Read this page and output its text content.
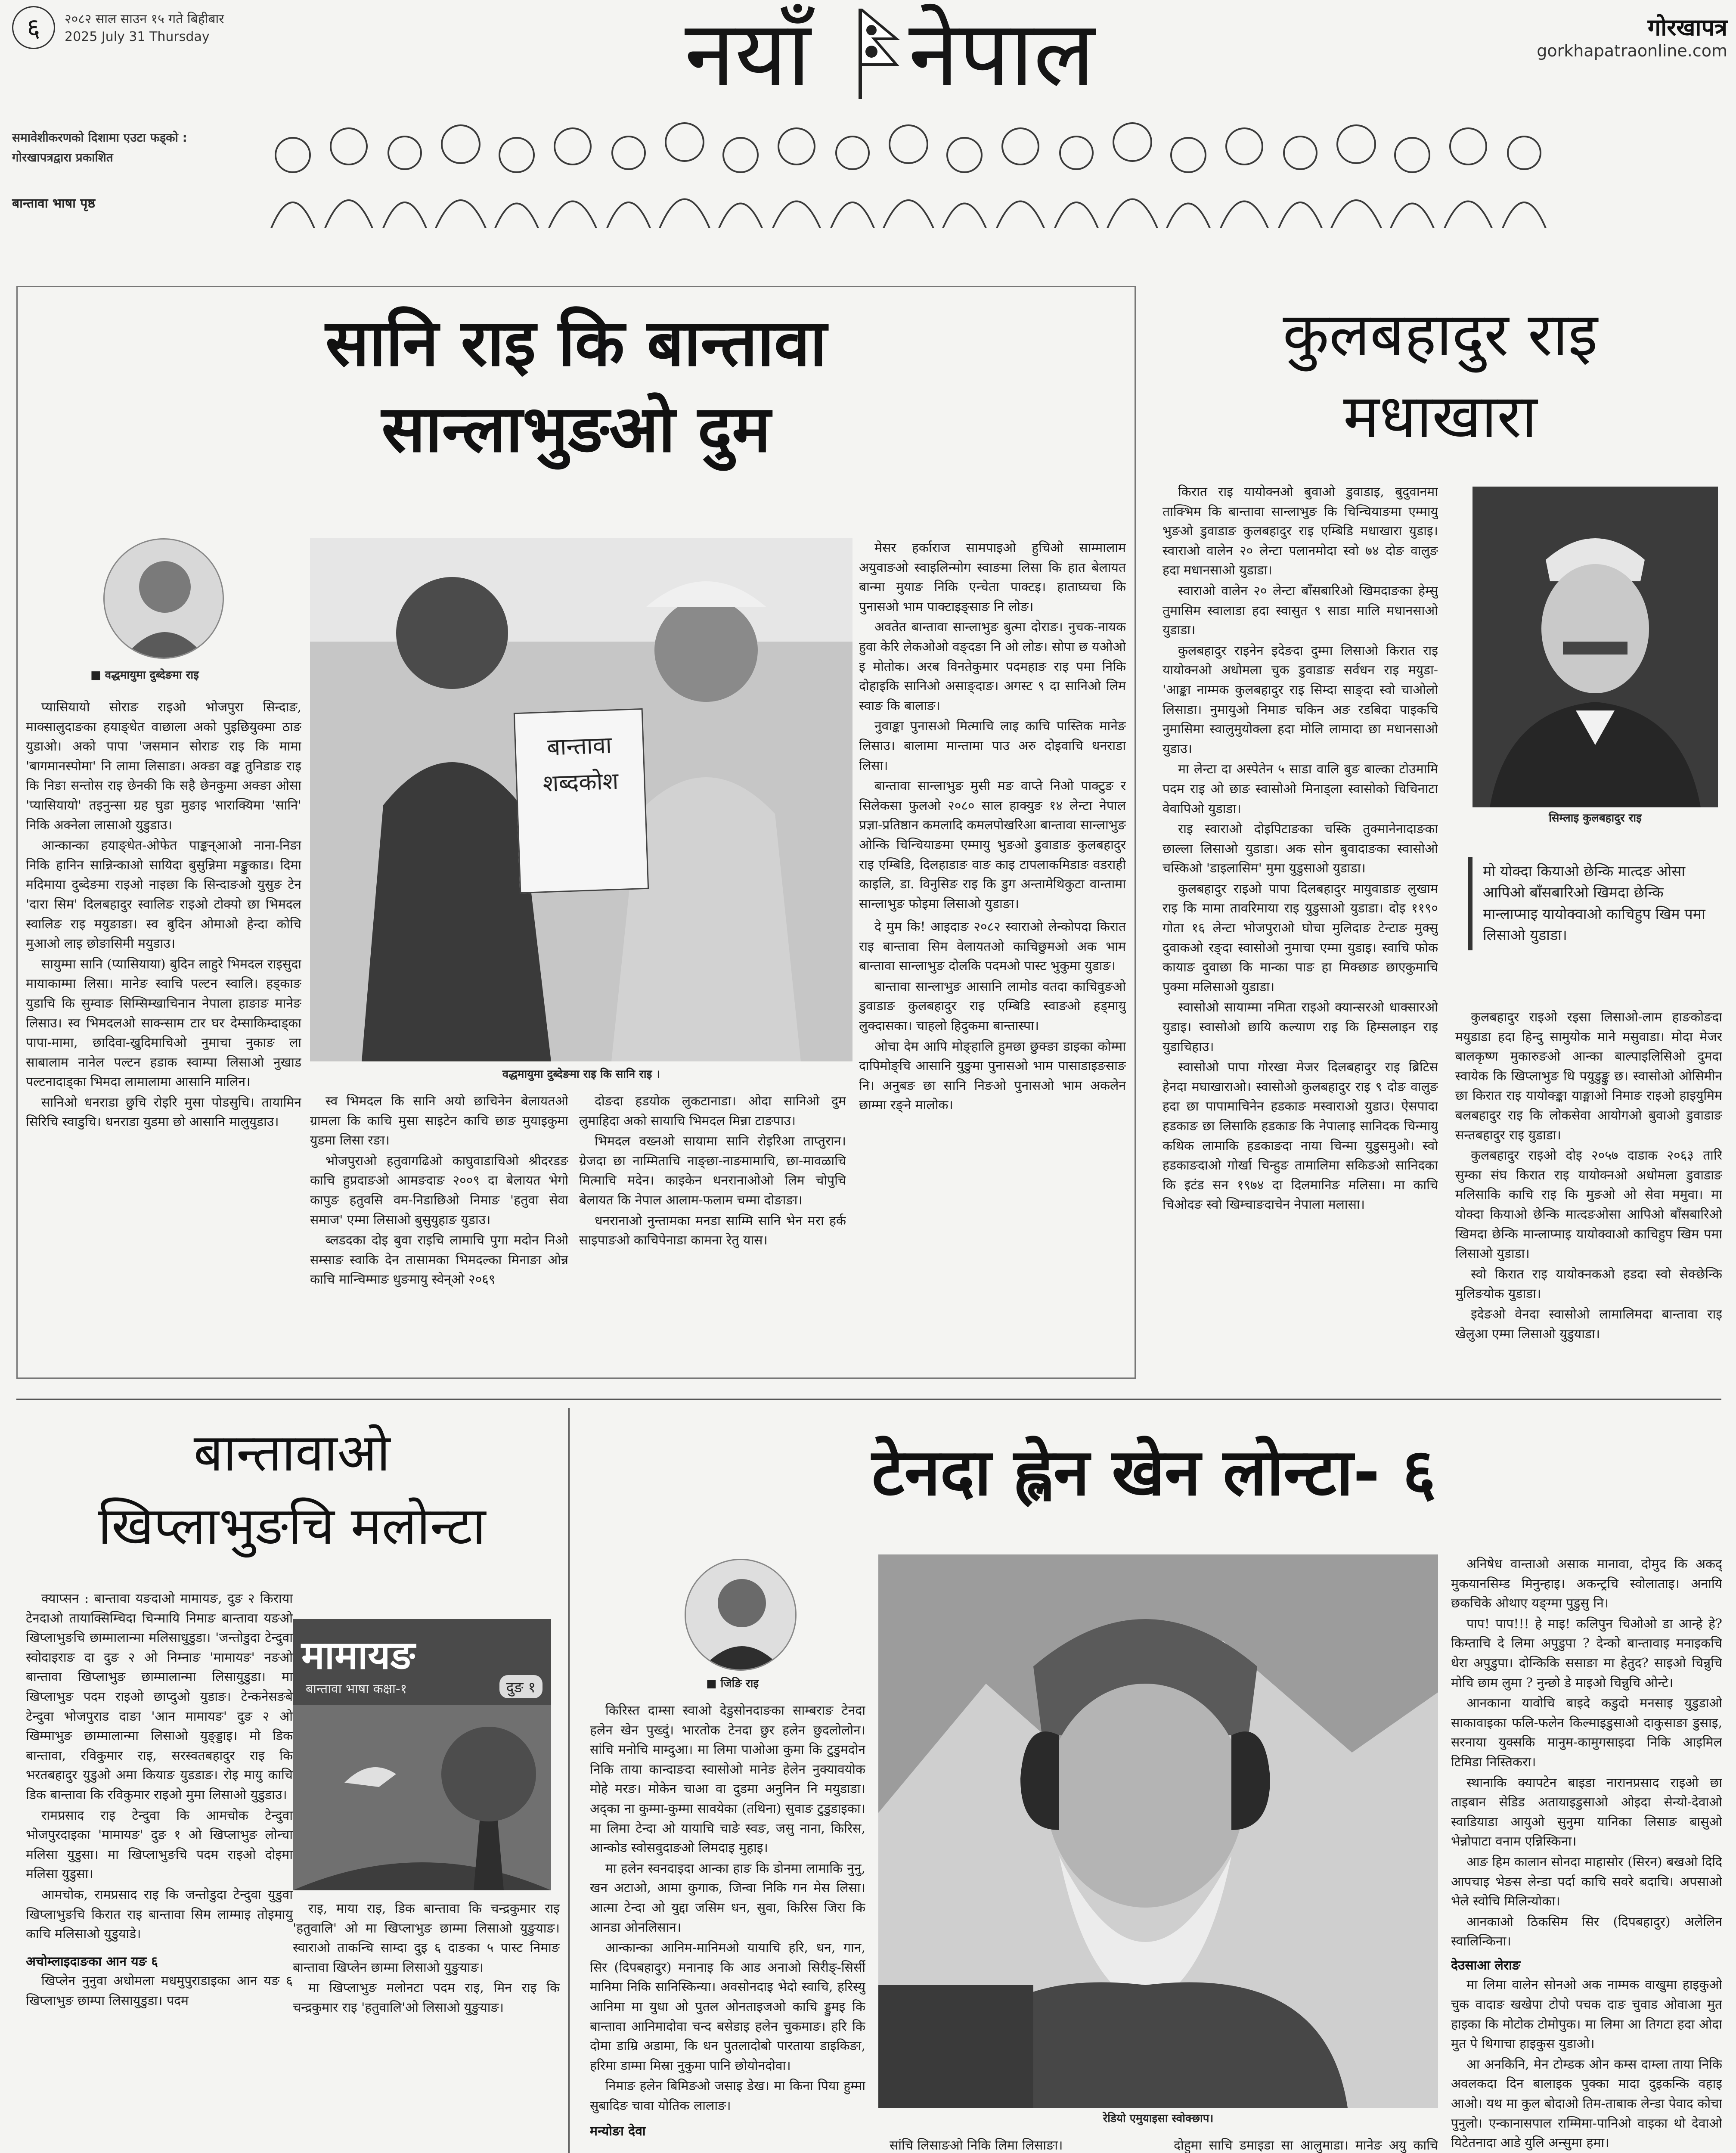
६	२०८२ साल साउन १५ गते बिहीबार
2025 July 31 Thursday	नयाँ नेपाल	गोरखापत्र
gorkhapatraonline.com
समावेशीकरणको दिशामा एउटा फड्को :
गोरखापत्रद्वारा प्रकाशित
बान्तावा भाषा पृष्ठ
सानि राइ कि बान्तावा
सान्लाभुङओ दुम
■ वद्धमायुमा दुब्देङमा राइ
बान्तावा
शब्दकोश
वद्धमायुमा दुब्देङमा राइ कि सानि राइ ।

प्यासियायो सोराङ राइओ भोजपुरा सिन्दाङ, माक्सालुदाङका हयाङ्धेत वाछाला अको पुइछियुक्मा ठाङ युडाओ। अको पापा 'जसमान सोराङ राइ कि मामा 'बागमानस्पोमा' नि लामा लिसाङा। अक्ङा वङ्क तुनिडाङ राइ कि निङा सन्तोस राइ छेनकी कि सहै छेनकुमा अक्ङा ओसा 'प्यासियायो' तइनुन्सा ग्रह घुडा मुङाइ भाराक्यिमा 'सानि' निकि अक्नेला लासाओ युडुडाउ।

आन्कान्का हयाङ्धेत-ओफेत पाङ्कन्आओ नाना-निङा निकि हानिन सान्निन्काओ सायिदा बुसुन्निमा मङ्कुकाड। दिमा मदिमाया दुब्देङमा राइओ नाइछा कि सिन्दाङओ युसुङ टेन 'दारा सिम' दिलबहादुर स्वालिङ राइओ टोक्पो छा भिमदल स्वालिङ राइ मयुङाङा। स्व बुदिन ओमाओ हेन्दा कोचि मुआओ लाइ छोङासिमी मयुडाउ।

सायुम्मा सानि (प्यासियाया) बुदिन लाहुरे भिमदल राइसुदा मायाकाम्मा लिसा। मानेङ स्वाचि पल्टन स्वालि। हड्काङ युडाचि कि सुम्वाङ सिम्सिम्खाचिनान नेपाला हाङाङ मानेङ लिसाउ। स्व भिमदलओ साक्न्साम टार घर देम्साकिम्दाड्का पापा-मामा, छादिवा-ख्रुदिमाचिओ नुमाचा नुकाङ ला साबालाम नानेल पल्टन हडाक स्वाम्पा लिसाओ नुखाड पल्टनादाड्का भिमदा लामालामा आसानि मालिन।

सानिओ धनराडा छुचि रोइरि मुसा पोडसुचि। तायामिन सिरिचि स्वाडुचि। धनराडा युडमा छो आसानि मालुयुडाउ।

स्व भिमदल कि सानि अयो छाचिनेन बेलायतओ ग्रामला कि काचि मुसा साइटेन काचि छाङ मुयाइकुमा युडमा लिसा रङा।

भोजपुराओ हतुवागढिओ काघुवाडाचिओ श्रीदरडङ काचि हुप्रदाङओ आमङदाङ २००९ दा बेलायत भेगो कापुङ हतुवसि वम-निडाछिओ निमाङ 'हतुवा सेवा समाज' एम्मा लिसाओ बुसुयुहाङ युडाउ।

ब्लडदका दोइ बुवा राइचि लामाचि पुगा मदोन निओ सम्साङ स्वाकि देन तासामका भिमदल्का मिनाङा ओन्न काचि मान्चिम्माङ धुङमायु स्वेन्ओ २०६९

दोङदा हडयोक लुकटानाडा। ओदा सानिओ दुम लुमाहिदा अको सायाचि भिमदल मिन्ना टाङपाउ।

भिमदल वख्नओ सायामा सानि रोइरिआ ताप्तुरान। ग्रेजदा छा नाम्मिताचि नाङ्छा-नाङमामाचि, छा-मावळाचि मित्माचि मदेन। काइकेन धनरानाओओ लिम चोपुचि बेलायत कि नेपाल आलाम-फलाम चम्मा दोङाङा।

धनरानाओ नुन्तामका मनडा साम्मि सानि भेन मरा हर्क साइपाङओ काचिपेनाडा कामना रेतु यास।

मेसर हर्काराज सामपाइओ हुचिओ साम्मालाम अयुवाङओ स्वाइलिन्मोग स्वाङमा लिसा कि हात बेलायत बान्मा मुयाङ निकि एन्चेता पाक्टइ। हाताघ्यचा कि पुनासओ भाम पाक्टाइङ्साङ नि लोङ।

अवतेत बान्तावा सान्लाभुङ बुत्मा दोराङ। नुचक-नायक हुवा केरि लेकओओ वङ्दङा नि ओ लोङ। सोपा छ यओओ इ मोतोक। अरब विनतेकुमार पदमहाङ राइ पमा निकि दोहाइकि सानिओ असाङ्दाङ। अगस्ट ९ दा सानिओ लिम स्वाङ कि बालाङ।

नुवाङ्का पुनासओ मित्माचि लाइ काचि पास्तिक मानेङ लिसाउ। बालामा मान्तामा पाउ अरु दोइवाचि धनराडा लिसा।

बान्तावा सान्लाभुङ मुसी मङ वाप्ते निओ पाक्टुङ र सिलेकसा फुलओ २०८० साल हाक्युङ १४ लेन्टा नेपाल प्रज्ञा-प्रतिष्ठान कमलादि कमलपोखरिआ बान्तावा सान्लाभुङ ओन्कि चिन्चियाङमा एम्मायु भुङओ डुवाडाङ कुलबहादुर राइ एम्बिडि, दिलहाडाङ वाङ काइ टापलाकमिडाङ वडराही काइलि, डा. विनुसिङ राइ कि डुग अन्तामेथिकुटा वान्तामा सान्लाभुङ फोइमा लिसाओ युडाङा।

दे मुम कि! आइदाङ २०८२ स्वाराओ लेन्कोपदा किरात राइ बान्तावा सिम वेलायतओ काचिछुमओ अक भाम बान्तावा सान्लाभुङ दोलकि पदमओ पास्ट भुकुमा युडाङ।

बान्तावा सान्लाभुङ आसानि लामोड वतदा काचिवुङओ डुवाडाङ कुलबहादुर राइ एम्बिडि स्वाङओ हड्मायु लुक्दासका। चाहलो हिदुकमा बान्तास्पा।

ओचा देम आपि मोङ्हालि हुमछा छुक्ङा डाइका कोम्मा दापिमोङ्चि आसानि युङुमा पुनासओ भाम पासाडाइङसाङ नि। अनुबङ छा सानि निङओ पुनासओ भाम अकलेन छाम्मा रङ्ने मालोक।

कुलबहादुर राइ
मधाखारा

किरात राइ यायोक्नओ बुवाओ डुवाडाइ, बुदुवानमा ताक्भिम कि बान्तावा सान्लाभुङ कि चिन्चियाङमा एम्मायु भुङओ डुवाडाङ कुलबहादुर राइ एम्बिडि मधाखारा युडाइ। स्वाराओ वालेन २० लेन्टा पलानमोदा स्वो ७४ दोङ वालुङ हदा मधानसाओ युडाडा।

स्वाराओ वालेन २० लेन्टा बाँसबारिओ खिमदाङका हेम्सु तुमासिम स्वालाडा हदा स्वासुत ९ साडा मालि मधानसाओ युडाडा।

कुलबहादुर राइनेन इदेङदा दुम्मा लिसाओ किरात राइ यायोक्नओ अधोमला चुक डुवाडाङ सर्वधन राइ मयुडा- 'आङ्का नाम्मक कुलबहादुर राइ सिम्दा साङ्दा स्वो चाओलो लिसाडा। नुमायुओ निमाङ चकिन अङ रडबिदा पाइकचि नुमासिमा स्वालुमुयोक्ला हदा मोलि लामादा छा मधानसाओ युडाउ।

मा लेन्टा दा अस्पेतेन ५ साडा वालि बुङ बाल्का टोउमामि पदम राइ ओ छाङ स्वासोओ मिनाड्ला स्वासोको चिचिनाटा वेवापिओ युडाडा।

राइ स्वाराओ दोइपिटाङका चस्कि तुक्मानेनादाङका छाल्ला लिसाओ युडाडा। अक सोन बुवादाङका स्वासोओ चस्किओ 'डाइलासिम' मुमा युडुसाओ युडाडा।

कुलबहादुर राइओ पापा दिलबहादुर मायुवाडाङ लुखाम राइ कि मामा तावरिमाया राइ युडुसाओ युडाडा। दोइ ११९० गोता १६ लेन्टा भोजपुराओ घोचा मुलिदाङ टेन्टाङ मुक्सु दुवाकओ रङ्दा स्वासोओ नुमाचा एम्मा युडाइ। स्वाचि फोक कायाङ दुवाछा कि मान्का पाङ हा मिक्छाङ छाएकुमाचि पुक्मा मलिसाओ युडाडा।

स्वासोओ सायाम्मा नमिता राइओ क्यान्सरओ धाक्सारओ युडाइ। स्वासोओ छायि कल्याण राइ कि हिम्सलाइन राइ युडाचिहाउ।

स्वासोओ पापा गोरखा मेजर दिलबहादुर राइ ब्रिटिस हेनदा मघाखाराओ। स्वासोओ कुलबहादुर राइ ९ दोङ वालुङ हदा छा पापामाचिनेन हडकाङ मस्वाराओ युडाउ। ऐसपादा हडकाङ छा लिसाकि हडकाङ कि नेपालाइ सानिदक चिन्मायु कथिक लामाकि हडकाङदा नाया चिन्मा युडुसमुओ। स्वो हडकाङदाओ गोर्खा चिन्हुङ तामालिमा सकिङओ सानिदका कि इटंड सन १९७४ दा दिलमानिङ मलिसा। मा काचि चिओदङ स्वो खिम्चाङदाचेन नेपाला मलासा।

सिम्लाइ कुलबहादुर राइ
मो योक्दा कियाओ छेन्कि मात्दङ ओसा आपिओ बाँसबारिओ खिमदा छेन्कि मान्लाप्माइ यायोक्वाओ काचिहुप खिम पमा लिसाओ युडाडा।

कुलबहादुर राइओ रइसा लिसाओ-लाम हाङकोङदा मयुडाडा हदा हिन्दु सामुयोक माने मसुवाडा। मोदा मेजर बालकृष्ण मुकारुङओ आन्का बाल्पाइलिसिओ दुमदा स्वायेक कि खिप्लाभुङ धि पयुडुङ्कु छ। स्वासोओ ओसिमीन छा किरात राइ यायोक्ङ्का याङ्माओ निमाङ राइओ हाइयुमिम बलबहादुर राइ कि लोकसेवा आयोगओ बुवाओ डुवाडाङ सन्तबहादुर राइ युडाडा।

कुलबहादुर राइओ दोइ २०५७ दाडाक २०६३ तारि सुम्का संघ किरात राइ यायोक्नओ अधोमला डुवाडाङ मलिसाकि काचि राइ कि मुङओ ओ सेवा ममुवा। मा योक्दा कियाओ छेन्कि मात्दङओसा आपिओ बाँसबारिओ खिमदा छेन्कि मान्लाप्माइ यायोक्वाओ काचिहुप खिम पमा लिसाओ युडाडा।

स्वो किरात राइ यायोक्नकओ हडदा स्वो सेक्छेन्कि मुलिङयोक युडाडा।

इदेङओ वेनदा स्वासोओ लामालिमदा बान्तावा राइ खेलुआ एम्मा लिसाओ युडुयाडा।

बान्तावाओ
खिप्लाभुङचि मलोन्टा

क्याप्सन : बान्तावा यङदाओ मामायङ, दुङ २ किराया टेनदाओ तायाक्सिम्चिदा चिन्मायि निमाङ बान्तावा यङओ खिप्लाभुङचि छाम्मालान्मा मलिसाधुडुडा। 'जन्तोडुदा टेन्दुवा स्वोदाइराङ दा दुङ २ ओ निम्नाङ 'मामायङ' नङओ बान्तावा खिप्लाभुङ छाम्मालान्मा लिसायुडुडा। मा खिप्लाभुङ पदम राइओ छाप्दुओ युडाङ। टेन्कनेसङबे टेन्दुवा भोजपुराड दाङा 'आन मामायङ' दुङ २ ओ खिम्माभुङ छाम्मालान्मा लिसाओ युङ्ड्डाइ। मो डिक बान्तावा, रविकुमार राइ, सरस्वतबहादुर राइ कि भरतबहादुर युडुओ अमा कियाङ युडडाङ। रोइ मायु काचि डिक बान्तावा कि रविकुमार राइओ मुमा लिसाओ युडुडाउ।

रामप्रसाद राइ टेन्दुवा कि आमचोक टेन्दुवा भोजपुरदाइका 'मामायङ' दुङ १ ओ खिप्लाभुङ लोन्चा मलिसा युडुसा। मा खिप्लाभुङचि पदम राइओ दोइमा मलिसा युडुसा।

आमचोक, रामप्रसाद राइ कि जन्तोडुदा टेन्दुवा युडुवा खिप्लाभुङचि किरात राइ बान्तावा सिम लाम्माइ तोइमायु काचि मलिसाओ युडुयाडे।

अचोम्लाइदाङका आन यङ ६

खिप्लेन नुनुवा अधोमला मधमुपुराडाइका आन यङ ६ खिप्लाभुङ छाम्पा लिसायुडुडा। पदम

मामायङ
बान्तावा भाषा कक्षा-१	दुङ १

राइ, माया राइ, डिक बान्तावा कि चन्द्रकुमार राइ 'हतुवालि' ओ मा खिप्लाभुङ छाम्मा लिसाओ युङुयाङ। स्वाराओ ताकन्चि साम्दा दुइ ६ दाङका ५ पास्ट निमाङ बान्तावा खिप्लेन छाम्मा लिसाओ युङुयाङ।

मा खिप्लाभुङ मलोनटा पदम राइ, मिन राइ कि चन्द्रकुमार राइ 'हतुवालि'ओ लिसाओ युङुयाङ।

टेनदा ह्लेन खेन लोन्टा- ६
■ जिङि राइ
रेडियो एमुयाइसा स्वोक्छाप।

किरिस्त दाम्सा स्वाओ देडुसोनदाङका साम्बराङ टेनदा हलेन खेन पुख्दुं। भारतोक टेनदा छुर हलेन छुदलोलोन। सांचि मनोचि माम्दुआ। मा लिमा पाओआ कुमा कि टुडुमदोन निकि ताया कान्दाङदा स्वासोओ मानेङ हेलेन नुक्यावयोक मोहे मरङ। मोकेन चाआ वा दुडमा अनुनिन नि मयुडाडा। अद्का ना कुम्मा-कुम्मा सावयेका (तथिना) सुवाङ टुडुडाइका। मा लिमा टेन्दा ओ यायाचि चाङे स्वङ, जसु नाना, किरिस, आन्कोड स्वोसवुदाङओ लिमदाइ मुहाइ।

मा हलेन स्वनदाइदा आन्का हाङ कि डोनमा लामाकि नुनु, खन अटाओ, आमा कुगाक, जिन्वा निकि गन मेस लिसा। आत्मा टेन्दा ओ युद्दा जसिम धन, सुवा, किरिस जिरा कि आनडा ओनलिसान।

आन्कान्का आनिम-मानिमओ यायाचि हरि, धन, गान, सिर (दिपबहादुर) मनानाइ कि आड अनाओ सिरीङ्-सिर्सी मानिमा निकि सानिस्किन्या। अवसोनदाइ भेदो स्वाचि, हरिस्यु आनिमा मा युधा ओ पुतल ओनताइजओ काचि ड्डुमइ कि बान्तावा आनिमादोवा चन्द बसेडाइ हलेन चुकमाङ। हरि कि दोमा डाम्रि अडामा, कि धन पुतलादोबो पारताया डाइकिङा, हरिमा डाम्मा मिस्रा नुकुमा पानि छोयोनदोवा।

निमाङ हलेन बिमिङओ जसाइ डेख। मा किना पिया हुम्मा सुबादिङ चावा योतिक लालाङ।

मन्योङा देवा

सांचि लिसाङओ निकि लिमा लिसाङा।	दोहुमा साचि डमाइडा सा आलुमाडा। मानेङ अयु काचि

अनिषेध वान्ताओ असाक मानावा, दोमुद कि अकद् मुकयानसिम्ड मिनुन्हाइ। अकन्ट्रचि स्वोलाताइ। अनायि छकचिके ओथाए यङ्ग्मा पुडुसु नि।

पाप! पाप!!! हे माइ! कलिपुन चिओओ डा आन्हे हे? किम्ताचि दे लिमा अपुडुपा ? देन्को बान्तावाइ मनाइकचि धेरा अपुडुपा। दोन्किकि ससाङा मा हेतुद? साइओ चिन्नुचि मोचि छाम लुमा ? नुन्छो डे माइओ चिन्नुचि ओन्टे।

आनकाना यावोचि बाइदे कडुदो मनसाइ युडुडाओ साकावाइका फलि-फलेन किल्माइडुसाओ दाकुसाङा डुसाइ, सरनाया युक्सकि मानुम-कामुगसाइदा निकि आइमिल टिमिडा निस्तिकरा।

स्थानाकि क्यापटेन बाइडा नारानप्रसाद राइओ छा ताइबान सेडिड अतायाइडुसाओ ओइदा सेन्यो-देवाओ स्वाडियाडा आयुओ सुनुमा यानिका लिसाङ बासुओ भेन्नोपाटा वनाम एन्निस्किना।

आङ हिम कालान सोनदा माहासोर (सिरन) बखओ दिदि आपचाइ भेङस लेन्डा पर्दा काचि सवरे बदाचि। अपसाओ भेले स्वोचि मिलिन्योका।

आनकाओ ठिकसिम सिर (दिपबहादुर) अलेलिन स्वालिन्किना।

देउसाआ लेराङ

मा लिमा वालेन सोनओ अक नाम्मक वाखुमा हाइकुओ चुक वादाङ खखेपा टोपो पचक दाङ चुवाड ओवाआ मुत हाइका कि मोटोक टोमोपुक। मा लिमा आ तिगटा हदा ओदा मुत पे थिगाचा हाइकुस युडाओ।

आ अनकिनि, मेन टोम्डक ओन कम्स दाम्ला ताया निकि अवलकदा दिन बालाइक पुक्का मादा दुइकन्कि वहाइ आओ। यथ मा कुल बोदाओ तिम-ताबाक लेन्डा पेवाद कोचा पुनुलो। एन्कानासपाल राम्मिमा-पानिओ वाइका थो देवाओ यिटेतनादा आडे युलि अन्सुमा हमा।
